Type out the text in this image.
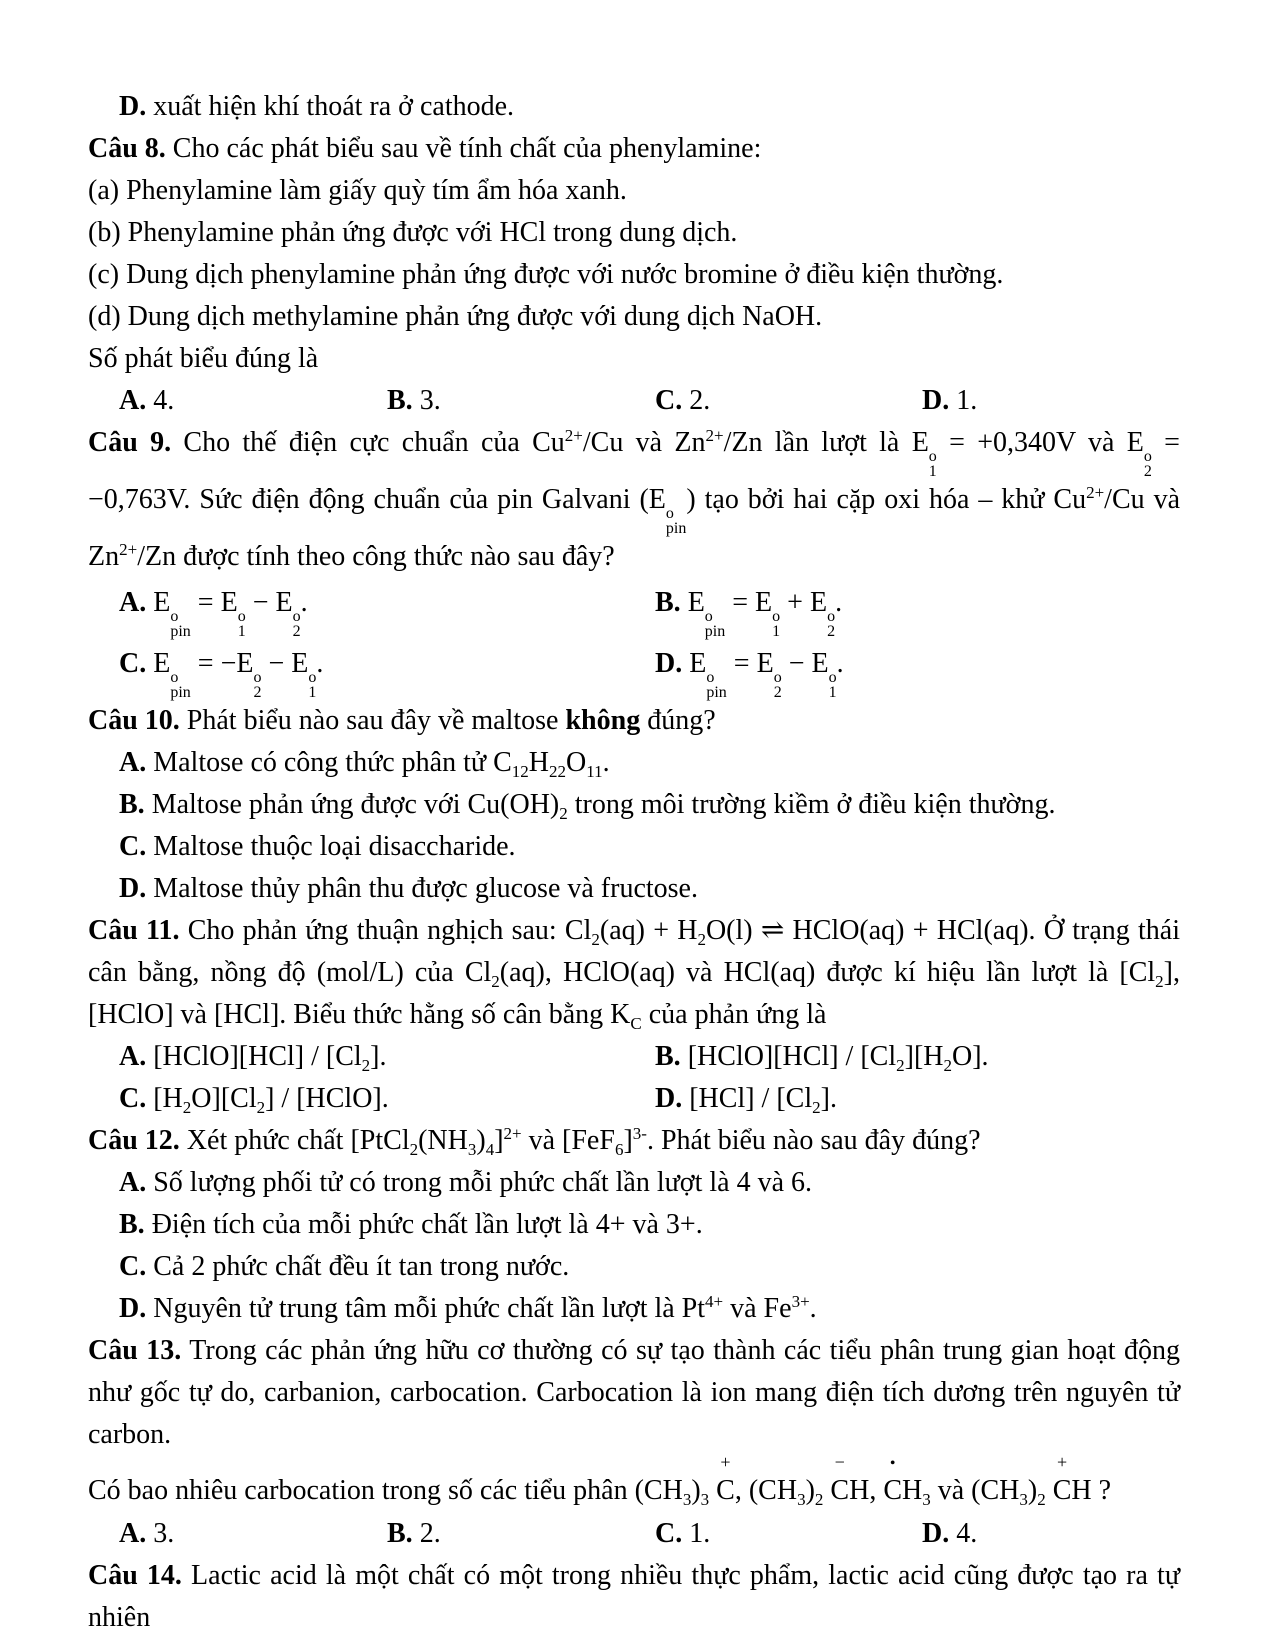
D. xuất hiện khí thoát ra ở cathode.
Câu 8. Cho các phát biểu sau về tính chất của phenylamine:
(a) Phenylamine làm giấy quỳ tím ẩm hóa xanh.
(b) Phenylamine phản ứng được với HCl trong dung dịch.
(c) Dung dịch phenylamine phản ứng được với nước bromine ở điều kiện thường.
(d) Dung dịch methylamine phản ứng được với dung dịch NaOH.
Số phát biểu đúng là
A. 4.	B. 3.	C. 2.	D. 1.
Câu 9. Cho thế điện cực chuẩn của $Cu^{2+}/Cu$ và $Zn^{2+}/Zn$ lần lượt là E o
1
= +0,340V và E o
2
= −0,763V. Sức điện động chuẩn của pin Galvani (E o
pin
) tạo bởi hai cặp oxi hóa – khử $Cu^{2+}/Cu$ và $Zn^{2+}/Zn$ được tính theo công thức nào sau đây?
A. E o
pin
= E o
1
− E o
2
.	B. E o
pin
= E o
1
+ E o
2
.
C. E o
pin
= −E o
2
− E o
1
.	D. E o
pin
= E o
2
− E o
1
.
Câu 10. Phát biểu nào sau đây về maltose không đúng?
A. Maltose có công thức phân tử $C_{12}H_{22}O_{11}$.
B. Maltose phản ứng được với $Cu(OH)_2$ trong môi trường kiềm ở điều kiện thường.
C. Maltose thuộc loại disaccharide.
D. Maltose thủy phân thu được glucose và fructose.
Câu 11. Cho phản ứng thuận nghịch sau: $Cl_2(aq) + H_2O(l)$ ⇌ HClO(aq) + HCl(aq). Ở trạng thái cân bằng, nồng độ (mol/L) của $Cl_2(aq)$, HClO(aq) và HCl(aq) được kí hiệu lần lượt là $[Cl_2]$, [HClO] và [HCl]. Biểu thức hằng số cân bằng $K_C$ của phản ứng là
A. [HClO][HCl] / $[Cl_2]$.	B. [HClO][HCl] / $[Cl_2][H_2O]$.
C. $[H_2O][Cl_2]$ / [HClO].	D. $[HCl] / [Cl_2]$.
Câu 12. Xét phức chất $[PtCl_2(NH_3)_4]^{2+}$ và $[FeF_6]^{3-}$. Phát biểu nào sau đây đúng?
A. Số lượng phối tử có trong mỗi phức chất lần lượt là 4 và 6.
B. Điện tích của mỗi phức chất lần lượt là 4+ và 3+.
C. Cả 2 phức chất đều ít tan trong nước.
D. Nguyên tử trung tâm mỗi phức chất lần lượt là $Pt^{4+}$ và $Fe^{3+}$.
Câu 13. Trong các phản ứng hữu cơ thường có sự tạo thành các tiểu phân trung gian hoạt động như gốc tự do, carbanion, carbocation. Carbocation là ion mang điện tích dương trên nguyên tử carbon.
Có bao nhiêu carbocation trong số các tiểu phân $(CH_3)_3$ C
+
, $(CH_3)_2$ C
−
H, C
•
$H_3$ và $(CH_3)_2$ C
+
H ?
A. 3.	B. 2.	C. 1.	D. 4.
Câu 14. Lactic acid là một chất có một trong nhiều thực phẩm, lactic acid cũng được tạo ra tự nhiên
